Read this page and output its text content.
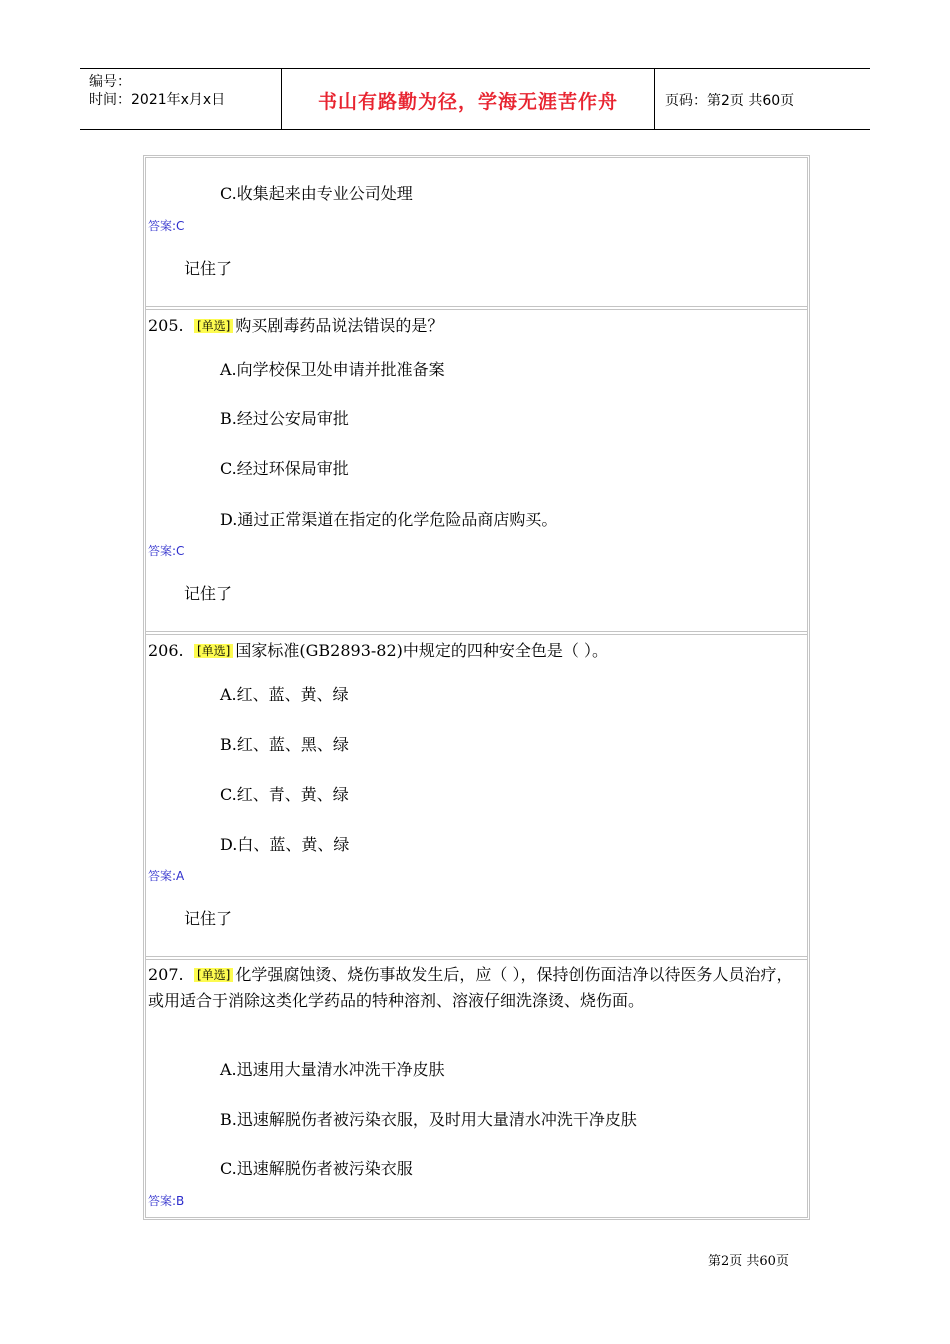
编号：
时间：2021年x月x日	书山有路勤为径，学海无涯苦作舟	页码：第2页 共60页
C.收集起来由专业公司处理
答案:C
记住了
205. [单选] 购买剧毒药品说法错误的是？
A.向学校保卫处申请并批准备案
B.经过公安局审批
C.经过环保局审批
D.通过正常渠道在指定的化学危险品商店购买。
答案:C
记住了
206. [单选] 国家标准(GB2893-82)中规定的四种安全色是（ ）。
A.红、蓝、黄、绿
B.红、蓝、黑、绿
C.红、青、黄、绿
D.白、蓝、黄、绿
答案:A
记住了
207. [单选] 化学强腐蚀烫、烧伤事故发生后，应（ ），保持创伤面洁净以待医务人员治疗，或用适合于消除这类化学药品的特种溶剂、溶液仔细洗涤烫、烧伤面。
A.迅速用大量清水冲洗干净皮肤
B.迅速解脱伤者被污染衣服，及时用大量清水冲洗干净皮肤
C.迅速解脱伤者被污染衣服
答案:B
第2页 共60页
